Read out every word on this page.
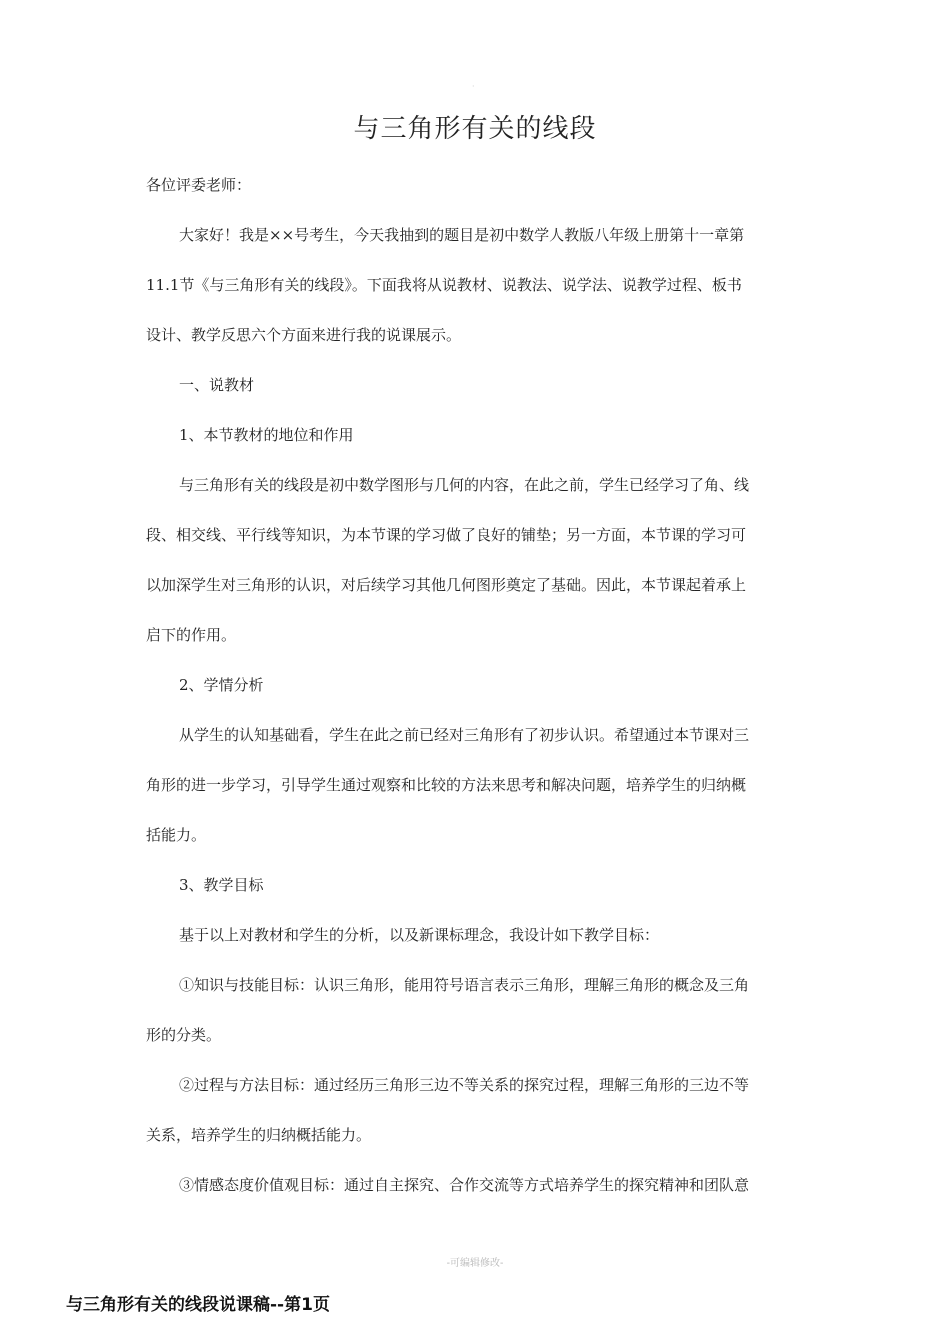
·
与三角形有关的线段
各位评委老师：
大家好！我是××号考生，今天我抽到的题目是初中数学人教版八年级上册第十一章第
11.1节《与三角形有关的线段》。下面我将从说教材、说教法、说学法、说教学过程、板书
设计、教学反思六个方面来进行我的说课展示。
一、说教材
1、本节教材的地位和作用
与三角形有关的线段是初中数学图形与几何的内容，在此之前，学生已经学习了角、线
段、相交线、平行线等知识，为本节课的学习做了良好的铺垫；另一方面，本节课的学习可
以加深学生对三角形的认识，对后续学习其他几何图形奠定了基础。因此，本节课起着承上
启下的作用。
2、学情分析
从学生的认知基础看，学生在此之前已经对三角形有了初步认识。希望通过本节课对三
角形的进一步学习，引导学生通过观察和比较的方法来思考和解决问题，培养学生的归纳概
括能力。
3、教学目标
基于以上对教材和学生的分析，以及新课标理念，我设计如下教学目标：
①知识与技能目标：认识三角形，能用符号语言表示三角形，理解三角形的概念及三角
形的分类。
②过程与方法目标：通过经历三角形三边不等关系的探究过程，理解三角形的三边不等
关系，培养学生的归纳概括能力。
③情感态度价值观目标：通过自主探究、合作交流等方式培养学生的探究精神和团队意
-可编辑修改-
与三角形有关的线段说课稿--第1页
